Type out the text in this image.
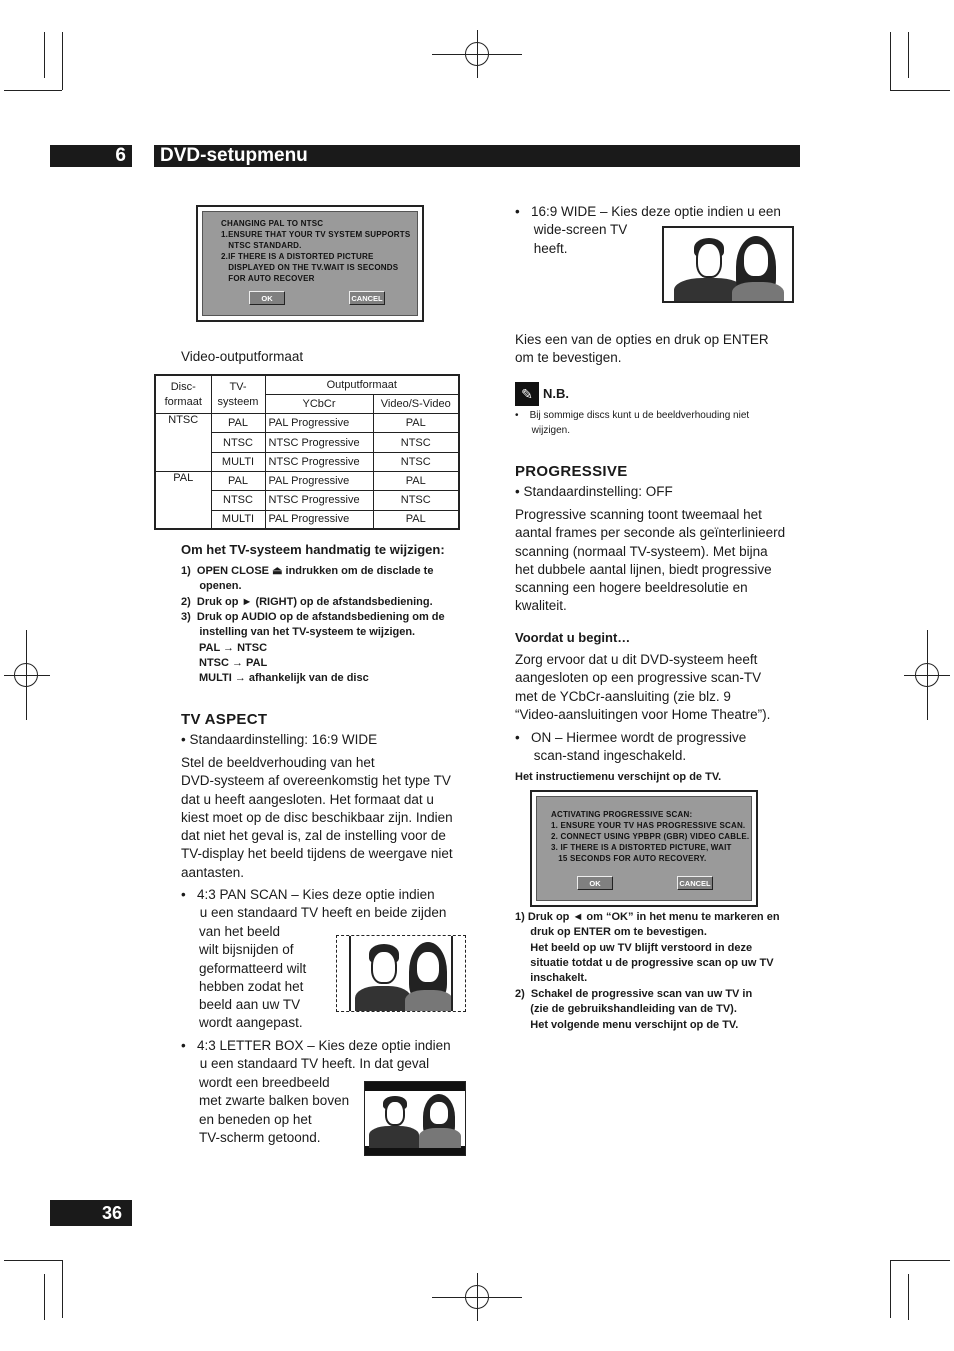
6	DVD-setupmenu
CHANGING PAL TO NTSC
1.ENSURE THAT YOUR TV SYSTEM SUPPORTS
NTSC STANDARD.
2.IF THERE IS A DISTORTED PICTURE
DISPLAYED ON THE TV.WAIT IS SECONDS
FOR AUTO RECOVER
OK	CANCEL
Video-outputformaat
Disc-
formaat	TV-
systeem	Outputformaat	
		YCbCr	Video/S-Video
NTSC	PAL	PAL Progressive	PAL
	NTSC	NTSC Progressive	NTSC
	MULTI	NTSC Progressive	NTSC
PAL	PAL	PAL Progressive	PAL
	NTSC	NTSC Progressive	NTSC
	MULTI	PAL Progressive	PAL
Om het TV-systeem handmatig te wijzigen:
1)  OPEN CLOSE ⏏ indrukken om de disclade te
openen.
2)  Druk op ► (RIGHT) op de afstandsbediening.
3)  Druk op AUDIO op de afstandsbediening om de
instelling van het TV-systeem te wijzigen.
PAL → NTSC
NTSC → PAL
MULTI → afhankelijk van de disc
TV ASPECT
• Standaardinstelling: 16:9 WIDE
Stel de beeldverhouding van het
DVD-systeem af overeenkomstig het type TV
dat u heeft aangesloten. Het formaat dat u
kiest moet op de disc beschikbaar zijn. Indien
dat niet het geval is, zal de instelling voor de
TV-display het beeld tijdens de weergave niet
aantasten.
•   4:3 PAN SCAN – Kies deze optie indien
u een standaard TV heeft en beide zijden
van het beeld
wilt bijsnijden of
geformatteerd wilt
hebben zodat het
beeld aan uw TV
wordt aangepast.
•   4:3 LETTER BOX – Kies deze optie indien
u een standaard TV heeft. In dat geval
wordt een breedbeeld
met zwarte balken boven
en beneden op het
TV-scherm getoond.
36
•   16:9 WIDE – Kies deze optie indien u een
wide-screen TV
heeft.
Kies een van de opties en druk op ENTER
om te bevestigen.
✎ N.B.
•    Bij sommige discs kunt u de beeldverhouding niet
wijzigen.
PROGRESSIVE
• Standaardinstelling: OFF
Progressive scanning toont tweemaal het
aantal frames per seconde als geïnterlinieerd
scanning (normaal TV-systeem). Met bijna
het dubbele aantal lijnen, biedt progressive
scanning een hogere beeldresolutie en
kwaliteit.
Voordat u begint…
Zorg ervoor dat u dit DVD-systeem heeft
aangesloten op een progressive scan-TV
met de YCbCr-aansluiting (zie blz. 9
“Video-aansluitingen voor Home Theatre”).
•   ON – Hiermee wordt de progressive
scan-stand ingeschakeld.
Het instructiemenu verschijnt op de TV.
ACTIVATING PROGRESSIVE SCAN:
1. ENSURE YOUR TV HAS PROGRESSIVE SCAN.
2. CONNECT USING YPBPR (GBR) VIDEO CABLE.
3. IF THERE IS A DISTORTED PICTURE, WAIT
15 SECONDS FOR AUTO RECOVERY.
OK	CANCEL
1) Druk op ◄ om “OK” in het menu te markeren en
druk op ENTER om te bevestigen.
Het beeld op uw TV blijft verstoord in deze
situatie totdat u de progressive scan op uw TV
inschakelt.
2)  Schakel de progressive scan van uw TV in
(zie de gebruikshandleiding van de TV).
Het volgende menu verschijnt op de TV.
